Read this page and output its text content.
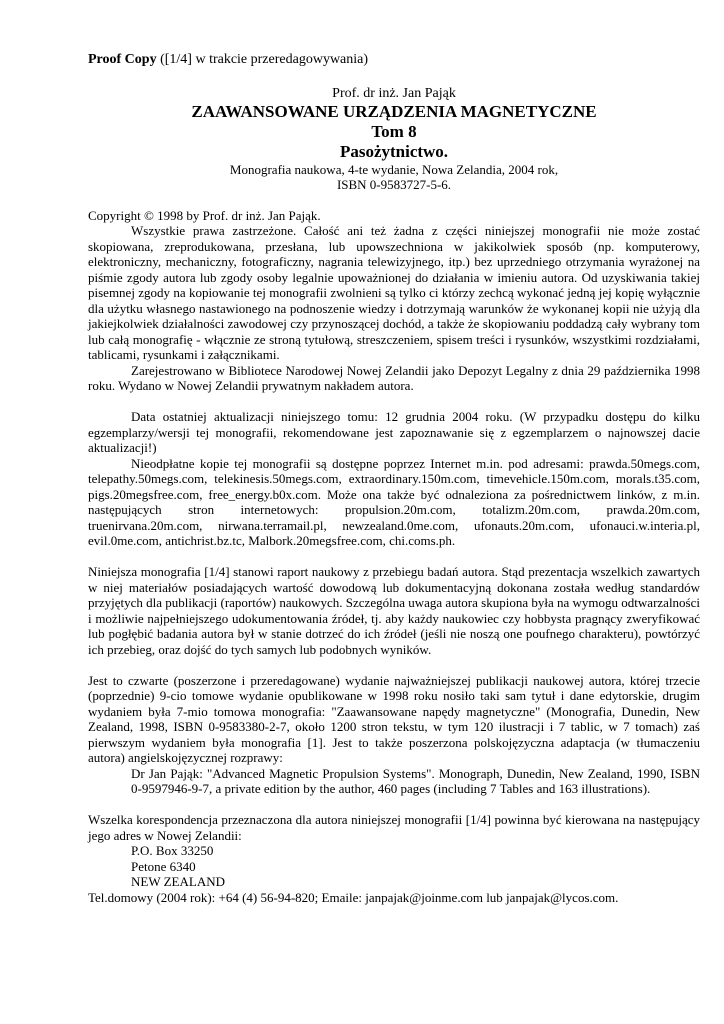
Proof Copy ([1/4] w trakcie przeredagowywania)
Prof. dr inż. Jan Pająk
ZAAWANSOWANE URZĄDZENIA MAGNETYCZNE
Tom 8
Pasożytnictwo.
Monografia naukowa, 4-te wydanie, Nowa Zelandia, 2004 rok,
ISBN 0-9583727-5-6.

Copyright © 1998 by Prof. dr inż. Jan Pająk.

Wszystkie prawa zastrzeżone. Całość ani też żadna z części niniejszej monografii nie może zostać skopiowana, zreprodukowana, przesłana, lub upowszechniona w jakikolwiek sposób (np. komputerowy, elektroniczny, mechaniczny, fotograficzny, nagrania telewizyjnego, itp.) bez uprzedniego otrzymania wyrażonej na piśmie zgody autora lub zgody osoby legalnie upoważnionej do działania w imieniu autora. Od uzyskiwania takiej pisemnej zgody na kopiowanie tej monografii zwolnieni są tylko ci którzy zechcą wykonać jedną jej kopię wyłącznie dla użytku własnego nastawionego na podnoszenie wiedzy i dotrzymają warunków że wykonanej kopii nie użyją dla jakiejkolwiek działalności zawodowej czy przynoszącej dochód, a także że skopiowaniu poddadzą cały wybrany tom lub całą monografię - włącznie ze stroną tytułową, streszczeniem, spisem treści i rysunków, wszystkimi rozdziałami, tablicami, rysunkami i załącznikami.

Zarejestrowano w Bibliotece Narodowej Nowej Zelandii jako Depozyt Legalny z dnia 29 października 1998 roku. Wydano w Nowej Zelandii prywatnym nakładem autora.

Data ostatniej aktualizacji niniejszego tomu: 12 grudnia 2004 roku. (W przypadku dostępu do kilku egzemplarzy/wersji tej monografii, rekomendowane jest zapoznawanie się z egzemplarzem o najnowszej dacie aktualizacji!)

Nieodpłatne kopie tej monografii są dostępne poprzez Internet m.in. pod adresami: prawda.50megs.com, telepathy.50megs.com, telekinesis.50megs.com, extraordinary.150m.com, timevehicle.150m.com, morals.t35.com, pigs.20megsfree.com, free_energy.b0x.com. Może ona także być odnaleziona za pośrednictwem linków, z m.in. następujących stron internetowych: propulsion.20m.com, totalizm.20m.com, prawda.20m.com, truenirvana.20m.com, nirwana.terramail.pl, newzealand.0me.com, ufonauts.20m.com, ufonauci.w.interia.pl, evil.0me.com, antichrist.bz.tc, Malbork.20megsfree.com, chi.coms.ph.

Niniejsza monografia [1/4] stanowi raport naukowy z przebiegu badań autora. Stąd prezentacja wszelkich zawartych w niej materiałów posiadających wartość dowodową lub dokumentacyjną dokonana została według standardów przyjętych dla publikacji (raportów) naukowych. Szczególna uwaga autora skupiona była na wymogu odtwarzalności i możliwie najpełniejszego udokumentowania źródeł, tj. aby każdy naukowiec czy hobbysta pragnący zweryfikować lub pogłębić badania autora był w stanie dotrzeć do ich źródeł (jeśli nie noszą one poufnego charakteru), powtórzyć ich przebieg, oraz dojść do tych samych lub podobnych wyników.

Jest to czwarte (poszerzone i przeredagowane) wydanie najważniejszej publikacji naukowej autora, której trzecie (poprzednie) 9-cio tomowe wydanie opublikowane w 1998 roku nosiło taki sam tytuł i dane edytorskie, drugim wydaniem była 7-mio tomowa monografia: "Zaawansowane napędy magnetyczne" (Monografia, Dunedin, New Zealand, 1998, ISBN 0-9583380-2-7, około 1200 stron tekstu, w tym 120 ilustracji i 7 tablic, w 7 tomach) zaś pierwszym wydaniem była monografia [1]. Jest to także poszerzona polskojęzyczna adaptacja (w tłumaczeniu autora) angielskojęzycznej rozprawy:

Dr Jan Pająk: "Advanced Magnetic Propulsion Systems". Monograph, Dunedin, New Zealand, 1990, ISBN 0-9597946-9-7, a private edition by the author, 460 pages (including 7 Tables and 163 illustrations).

Wszelka korespondencja przeznaczona dla autora niniejszej monografii [1/4] powinna być kierowana na następujący jego adres w Nowej Zelandii:

P.O. Box 33250
Petone 6340
NEW ZEALAND

Tel.domowy (2004 rok): +64 (4) 56-94-820; Emaile: janpajak@joinme.com lub janpajak@lycos.com.
